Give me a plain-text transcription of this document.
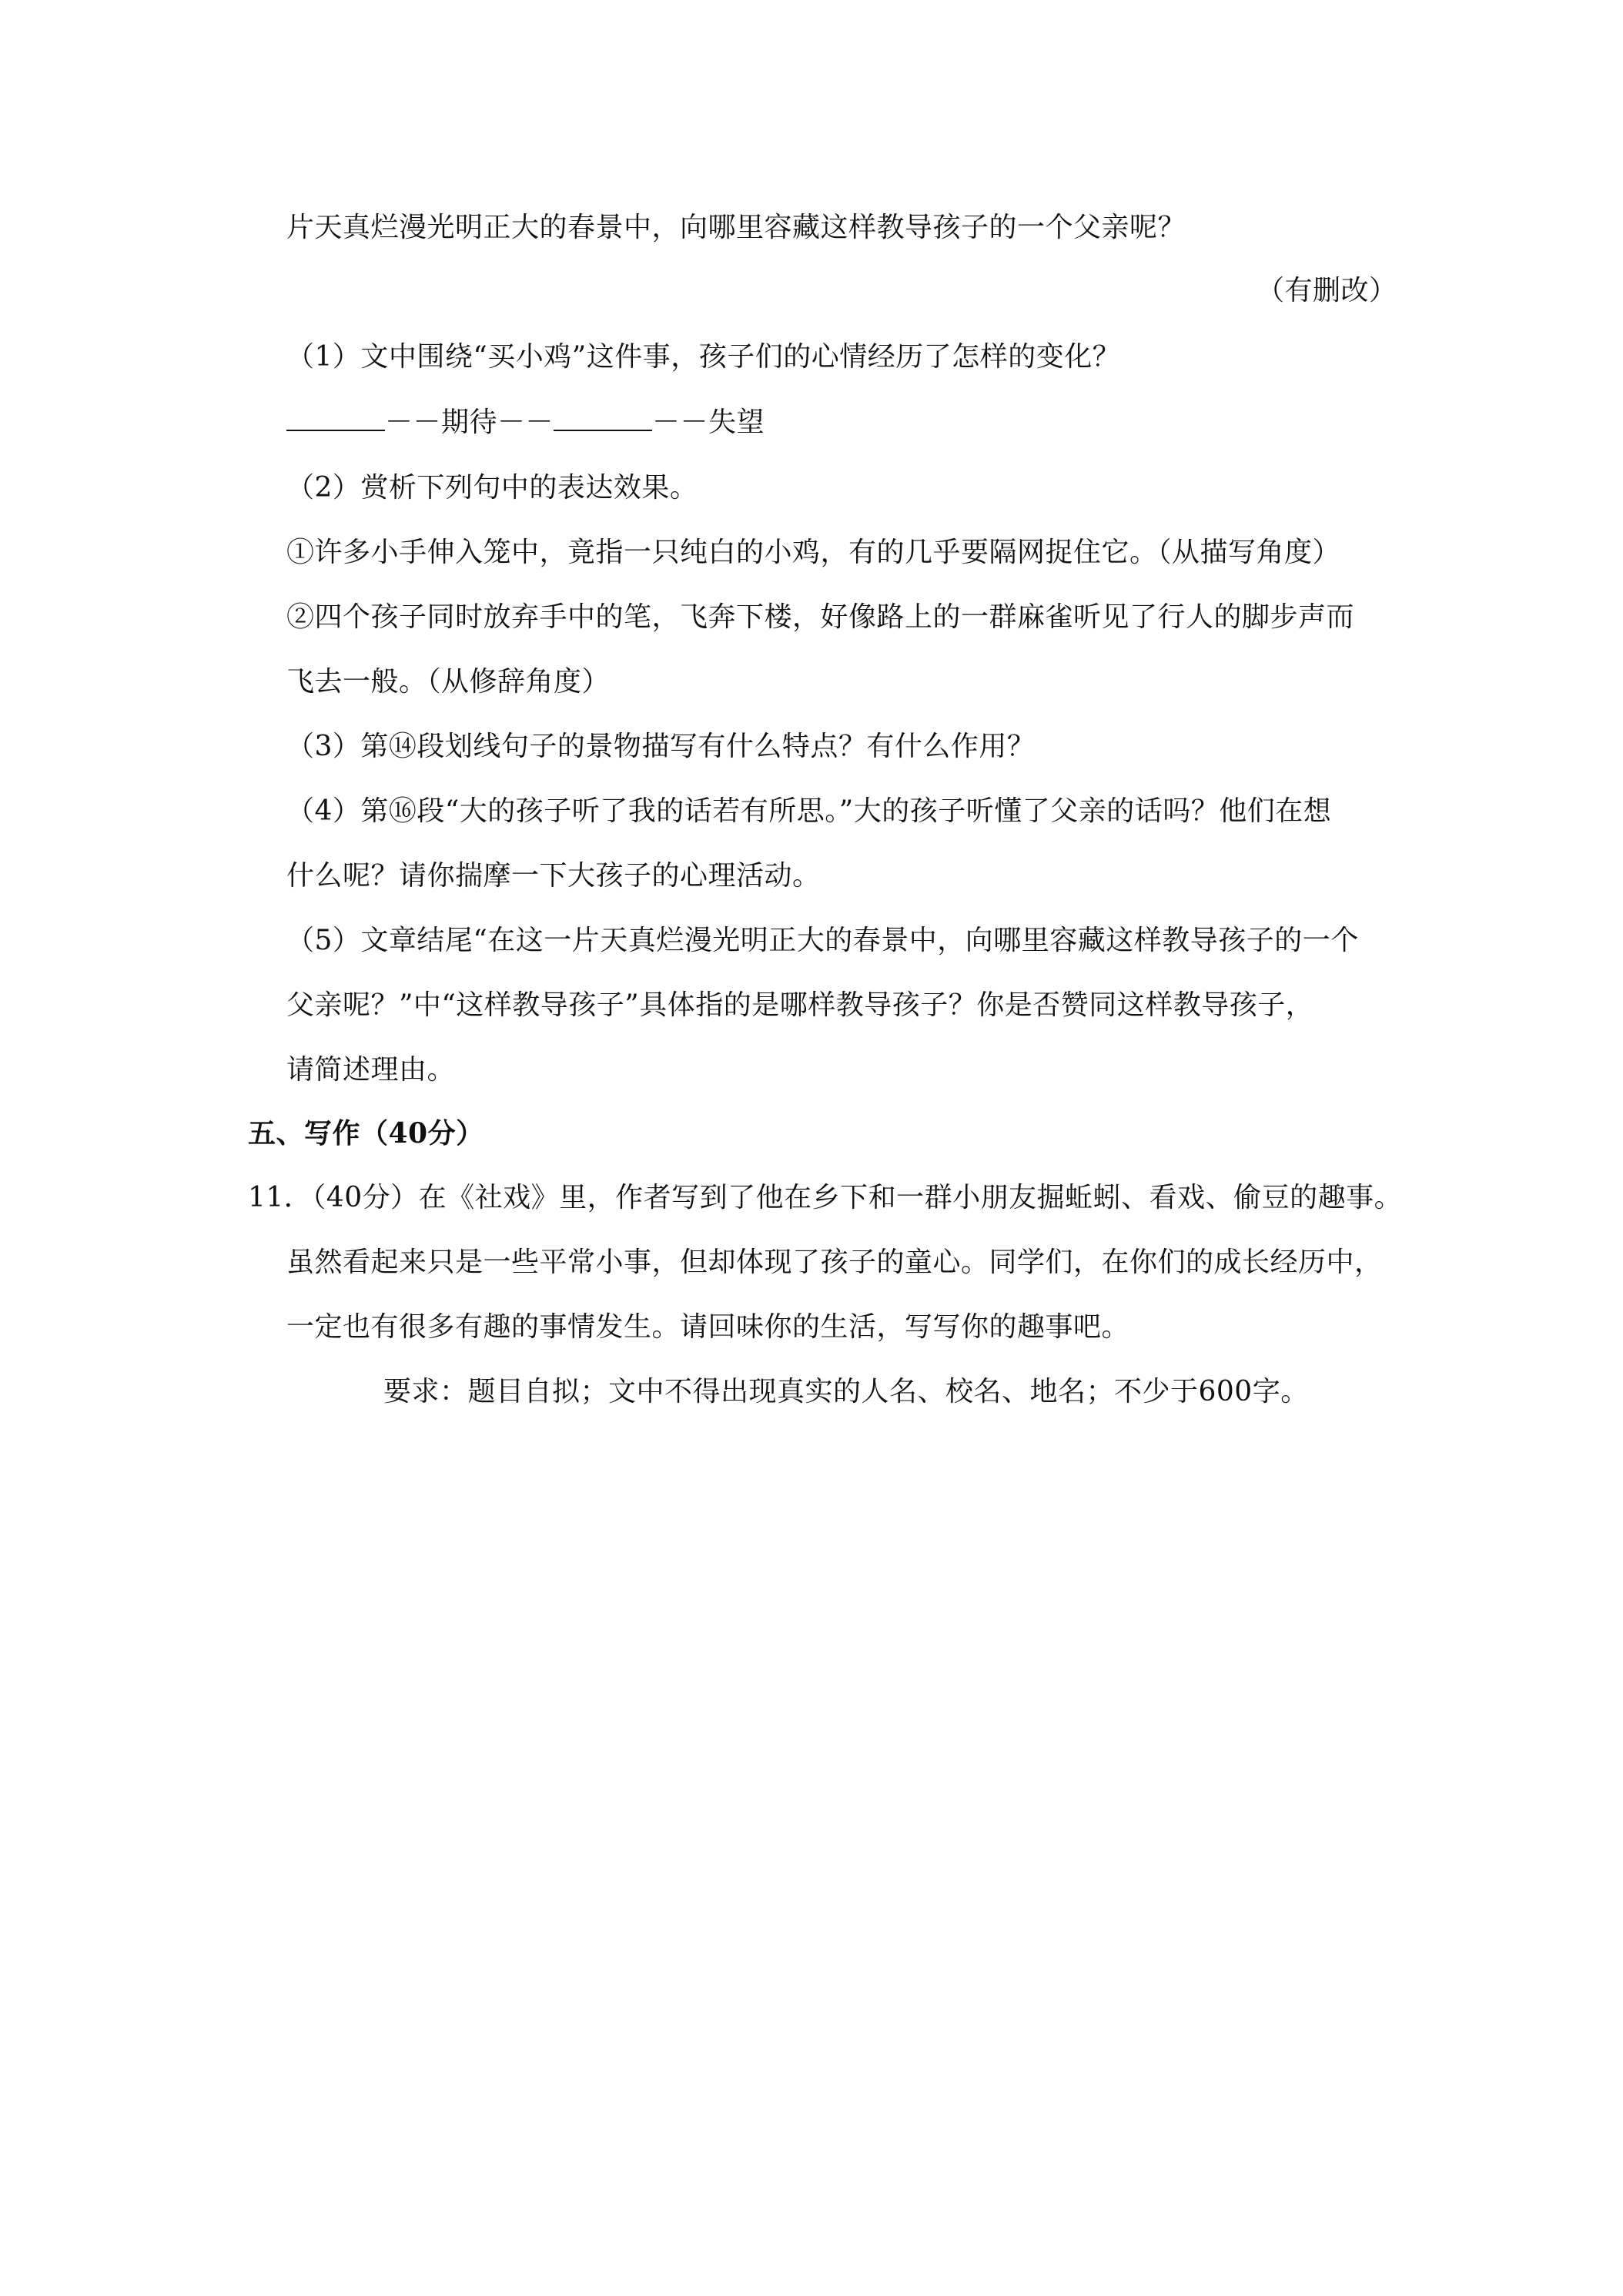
片天真烂漫光明正大的春景中，向哪里容藏这样教导孩子的一个父亲呢？
（有删改）
（1）文中围绕“买小鸡”这件事，孩子们的心情经历了怎样的变化？
－－期待－－	－－失望
（2）赏析下列句中的表达效果。
①许多小手伸入笼中，竟指一只纯白的小鸡，有的几乎要隔网捉住它。（从描写角度）
②四个孩子同时放弃手中的笔，飞奔下楼，好像路上的一群麻雀听见了行人的脚步声而
飞去一般。（从修辞角度）
（3）第⑭段划线句子的景物描写有什么特点？有什么作用？
（4）第⑯段“大的孩子听了我的话若有所思。”大的孩子听懂了父亲的话吗？他们在想
什么呢？请你揣摩一下大孩子的心理活动。
（5）文章结尾“在这一片天真烂漫光明正大的春景中，向哪里容藏这样教导孩子的一个
父亲呢？”中“这样教导孩子”具体指的是哪样教导孩子？你是否赞同这样教导孩子，
请简述理由。
五、写作（40分）
11．（40分）在《社戏》里，作者写到了他在乡下和一群小朋友掘蚯蚓、看戏、偷豆的趣事。
虽然看起来只是一些平常小事，但却体现了孩子的童心。同学们，在你们的成长经历中，
一定也有很多有趣的事情发生。请回味你的生活，写写你的趣事吧。
要求：题目自拟；文中不得出现真实的人名、校名、地名；不少于600字。
